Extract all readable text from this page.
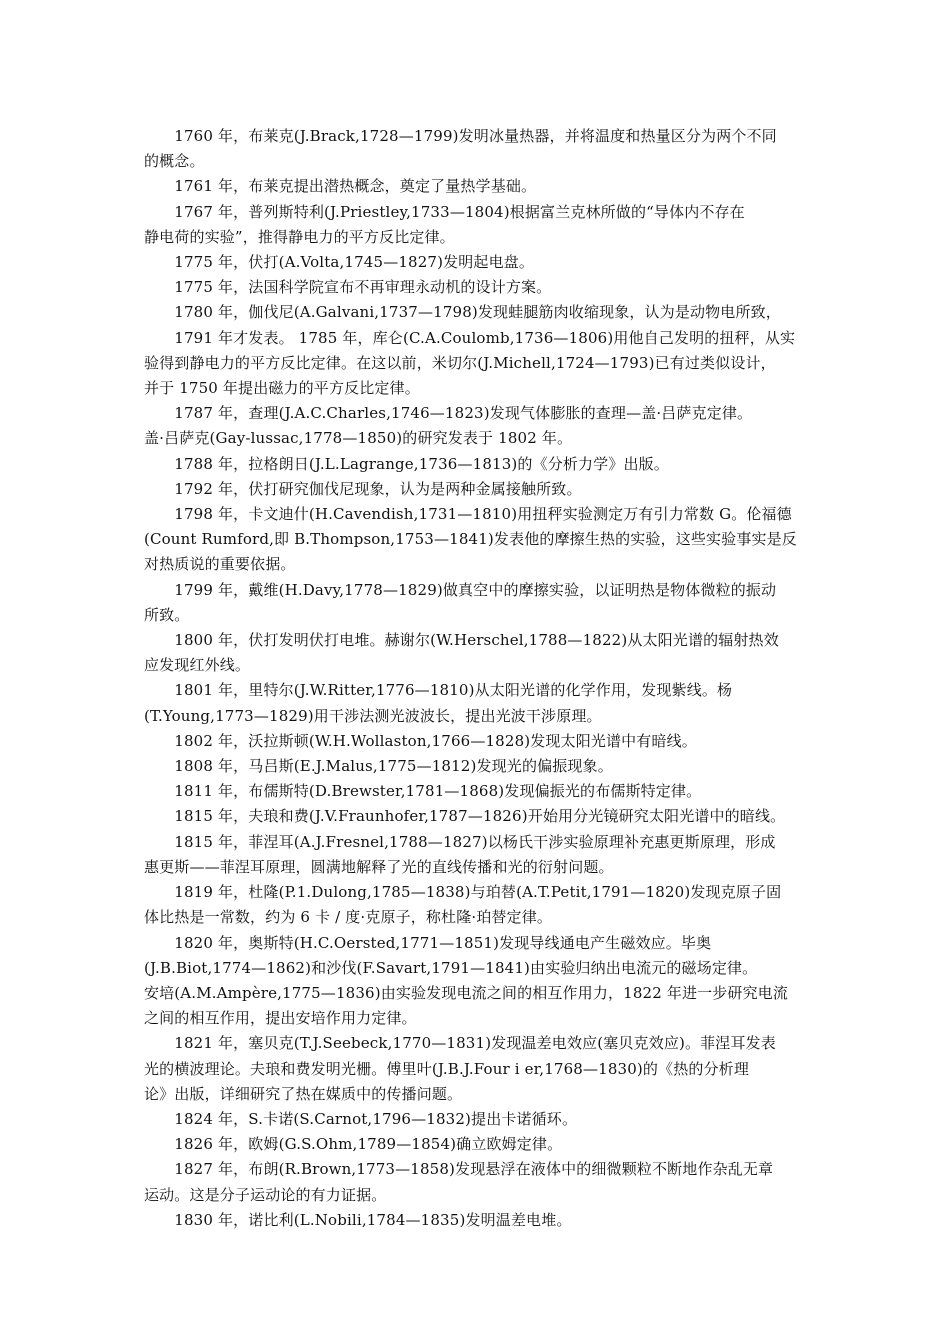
　　1760 年，布莱克(J.Brack,1728—1799)发明冰量热器，并将温度和热量区分为两个不同
的概念。

　　1761 年，布莱克提出潜热概念，奠定了量热学基础。

　　1767 年，普列斯特利(J.Priestley,1733—1804)根据富兰克林所做的“导体内不存在
静电荷的实验”，推得静电力的平方反比定律。

　　1775 年，伏打(A.Volta,1745—1827)发明起电盘。

　　1775 年，法国科学院宣布不再审理永动机的设计方案。

　　1780 年，伽伐尼(A.Galvani,1737—1798)发现蛙腿筋肉收缩现象，认为是动物电所致，

　　1791 年才发表。 1785 年，库仑(C.A.Coulomb,1736—1806)用他自己发明的扭秤，从实
验得到静电力的平方反比定律。在这以前，米切尔(J.Michell,1724—1793)已有过类似设计，
并于 1750 年提出磁力的平方反比定律。

　　1787 年，查理(J.A.C.Charles,1746—1823)发现气体膨胀的查理—盖·吕萨克定律。
盖·吕萨克(Gay-lussac,1778—1850)的研究发表于 1802 年。

　　1788 年，拉格朗日(J.L.Lagrange,1736—1813)的《分析力学》出版。

　　1792 年，伏打研究伽伐尼现象，认为是两种金属接触所致。

　　1798 年，卡文迪什(H.Cavendish,1731—1810)用扭秤实验测定万有引力常数 G。伦福德
(Count Rumford,即 B.Thompson,1753—1841)发表他的摩擦生热的实验，这些实验事实是反
对热质说的重要依据。

　　1799 年，戴维(H.Davy,1778—1829)做真空中的摩擦实验，以证明热是物体微粒的振动
所致。

　　1800 年，伏打发明伏打电堆。赫谢尔(W.Herschel,1788—1822)从太阳光谱的辐射热效
应发现红外线。

　　1801 年，里特尔(J.W.Ritter,1776—1810)从太阳光谱的化学作用，发现紫线。杨
(T.Young,1773—1829)用干涉法测光波波长，提出光波干涉原理。

　　1802 年，沃拉斯顿(W.H.Wollaston,1766—1828)发现太阳光谱中有暗线。

　　1808 年，马吕斯(E.J.Malus,1775—1812)发现光的偏振现象。

　　1811 年，布儒斯特(D.Brewster,1781—1868)发现偏振光的布儒斯特定律。

　　1815 年，夫琅和费(J.V.Fraunhofer,1787—1826)开始用分光镜研究太阳光谱中的暗线。

　　1815 年，菲涅耳(A.J.Fresnel,1788—1827)以杨氏干涉实验原理补充惠更斯原理，形成
惠更斯——菲涅耳原理，圆满地解释了光的直线传播和光的衍射问题。

　　1819 年，杜隆(P.1.Dulong,1785—1838)与珀替(A.T.Petit,1791—1820)发现克原子固
体比热是一常数，约为 6 卡 / 度·克原子，称杜隆·珀替定律。

　　1820 年，奥斯特(H.C.Oersted,1771—1851)发现导线通电产生磁效应。毕奥
(J.B.Biot,1774—1862)和沙伐(F.Savart,1791—1841)由实验归纳出电流元的磁场定律。
安培(A.M.Ampère,1775—1836)由实验发现电流之间的相互作用力，1822 年进一步研究电流
之间的相互作用，提出安培作用力定律。

　　1821 年，塞贝克(T.J.Seebeck,1770—1831)发现温差电效应(塞贝克效应)。菲涅耳发表
光的横波理论。夫琅和费发明光栅。傅里叶(J.B.J.Four i er,1768—1830)的《热的分析理
论》出版，详细研究了热在媒质中的传播问题。

　　1824 年，S.卡诺(S.Carnot,1796—1832)提出卡诺循环。

　　1826 年，欧姆(G.S.Ohm,1789—1854)确立欧姆定律。

　　1827 年，布朗(R.Brown,1773—1858)发现悬浮在液体中的细微颗粒不断地作杂乱无章
运动。这是分子运动论的有力证据。

　　1830 年，诺比利(L.Nobili,1784—1835)发明温差电堆。
